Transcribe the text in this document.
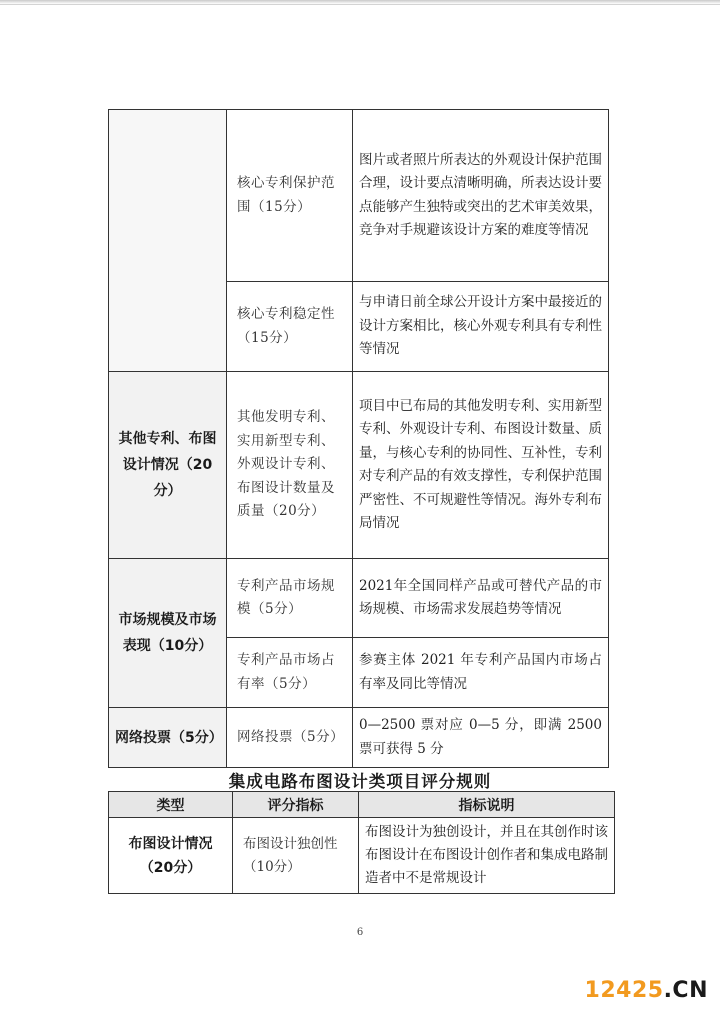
	核心专利保护范围（15分）	图片或者照片所表达的外观设计保护范围合理，设计要点清晰明确，所表达设计要点能够产生独特或突出的艺术审美效果，竞争对手规避该设计方案的难度等情况
	核心专利稳定性（15分）	与申请日前全球公开设计方案中最接近的设计方案相比，核心外观专利具有专利性等情况
其他专利、布图设计情况（20分）	其他发明专利、实用新型专利、外观设计专利、布图设计数量及质量（20分）	项目中已布局的其他发明专利、实用新型专利、外观设计专利、布图设计数量、质量，与核心专利的协同性、互补性，专利对专利产品的有效支撑性，专利保护范围严密性、不可规避性等情况。海外专利布局情况
市场规模及市场表现（10分）	专利产品市场规模（5分）	2021年全国同样产品或可替代产品的市场规模、市场需求发展趋势等情况
	专利产品市场占有率（5分）	参赛主体 2021 年专利产品国内市场占有率及同比等情况
网络投票（5分）	网络投票（5分）	0—2500 票对应 0—5 分，即满 2500 票可获得 5 分
集成电路布图设计类项目评分规则
类型	评分指标	指标说明
布图设计情况（20分）	布图设计独创性（10分）	布图设计为独创设计，并且在其创作时该布图设计在布图设计创作者和集成电路制造者中不是常规设计
6
12425.CN
